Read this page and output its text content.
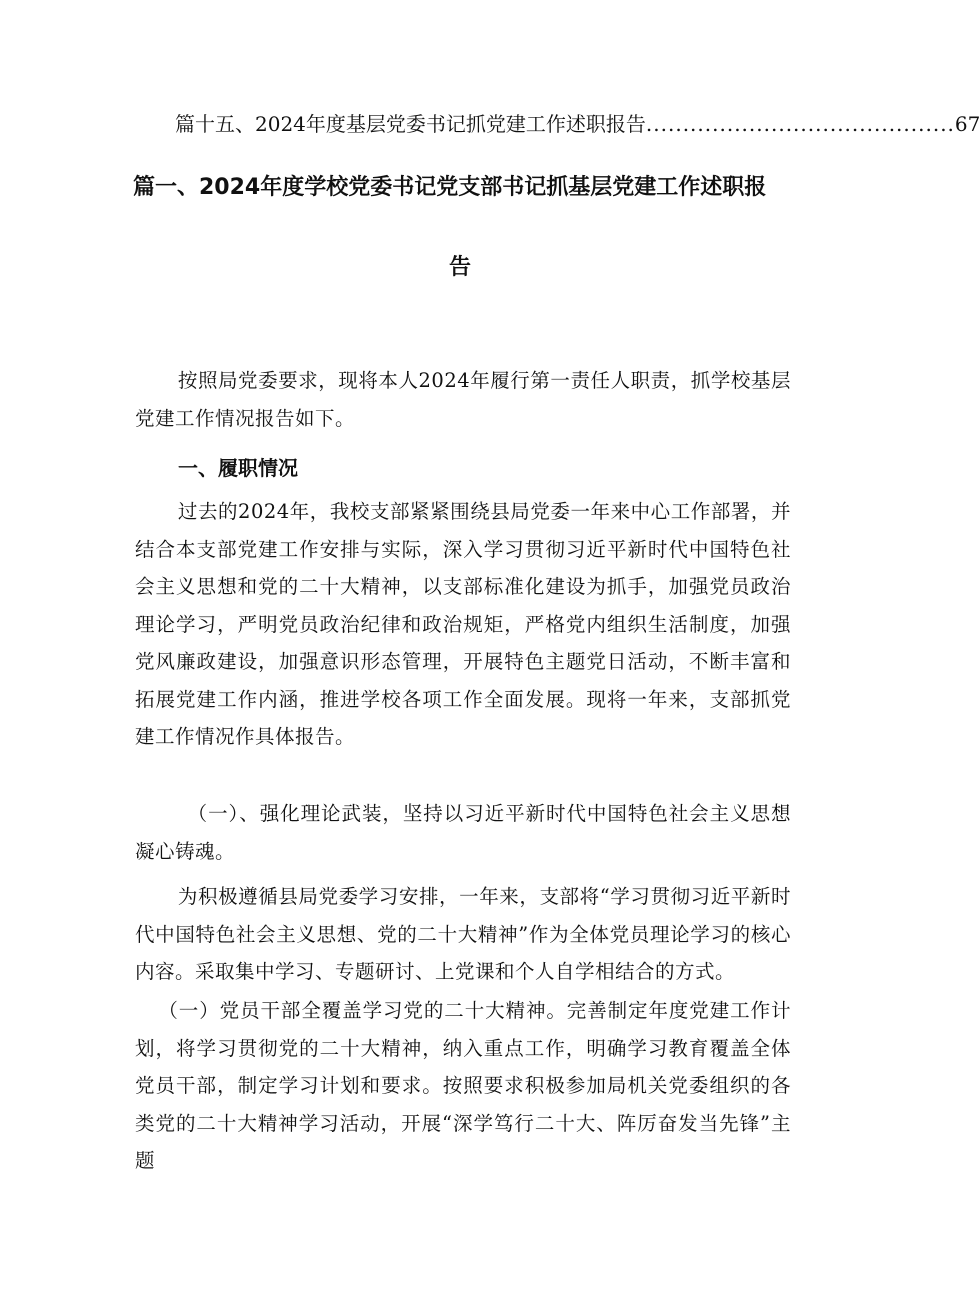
篇十五、2024年度基层党委书记抓党建工作述职报告 .......................................... 67
篇一、2024年度学校党委书记党支部书记抓基层党建工作述职报
告
按照局党委要求，现将本人2024年履行第一责任人职责，抓学校基层党建工作情况报告如下。
一、履职情况
过去的2024年，我校支部紧紧围绕县局党委一年来中心工作部署，并结合本支部党建工作安排与实际，深入学习贯彻习近平新时代中国特色社会主义思想和党的二十大精神，以支部标准化建设为抓手，加强党员政治理论学习，严明党员政治纪律和政治规矩，严格党内组织生活制度，加强党风廉政建设，加强意识形态管理，开展特色主题党日活动，不断丰富和拓展党建工作内涵，推进学校各项工作全面发展。现将一年来，支部抓党建工作情况作具体报告。
（一）、强化理论武装，坚持以习近平新时代中国特色社会主义思想凝心铸魂。
为积极遵循县局党委学习安排，一年来，支部将“学习贯彻习近平新时代中国特色社会主义思想、党的二十大精神”作为全体党员理论学习的核心内容。采取集中学习、专题研讨、上党课和个人自学相结合的方式。
（一）党员干部全覆盖学习党的二十大精神。完善制定年度党建工作计划，将学习贯彻党的二十大精神，纳入重点工作，明确学习教育覆盖全体党员干部，制定学习计划和要求。按照要求积极参加局机关党委组织的各类党的二十大精神学习活动，开展“深学笃行二十大、阵厉奋发当先锋”主题
